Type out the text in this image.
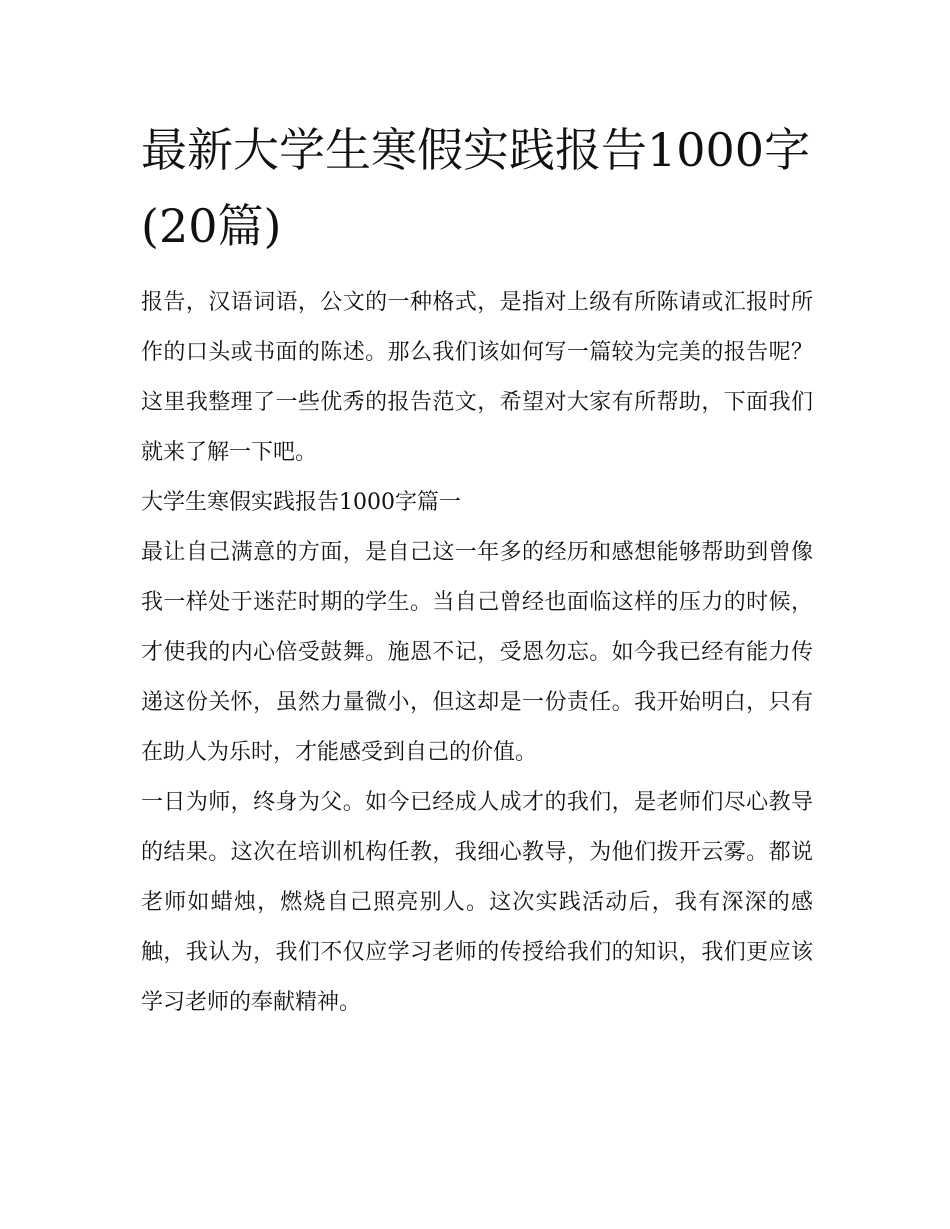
最新大学生寒假实践报告1000字(20篇)

报告，汉语词语，公文的一种格式，是指对上级有所陈请或汇报时所作的口头或书面的陈述。那么我们该如何写一篇较为完美的报告呢？这里我整理了一些优秀的报告范文，希望对大家有所帮助，下面我们就来了解一下吧。

大学生寒假实践报告1000字篇一

最让自己满意的方面，是自己这一年多的经历和感想能够帮助到曾像我一样处于迷茫时期的学生。当自己曾经也面临这样的压力的时候，才使我的内心倍受鼓舞。施恩不记，受恩勿忘。如今我已经有能力传递这份关怀，虽然力量微小，但这却是一份责任。我开始明白，只有在助人为乐时，才能感受到自己的价值。

一日为师，终身为父。如今已经成人成才的我们，是老师们尽心教导的结果。这次在培训机构任教，我细心教导，为他们拨开云雾。都说老师如蜡烛，燃烧自己照亮别人。这次实践活动后，我有深深的感触，我认为，我们不仅应学习老师的传授给我们的知识，我们更应该学习老师的奉献精神。
